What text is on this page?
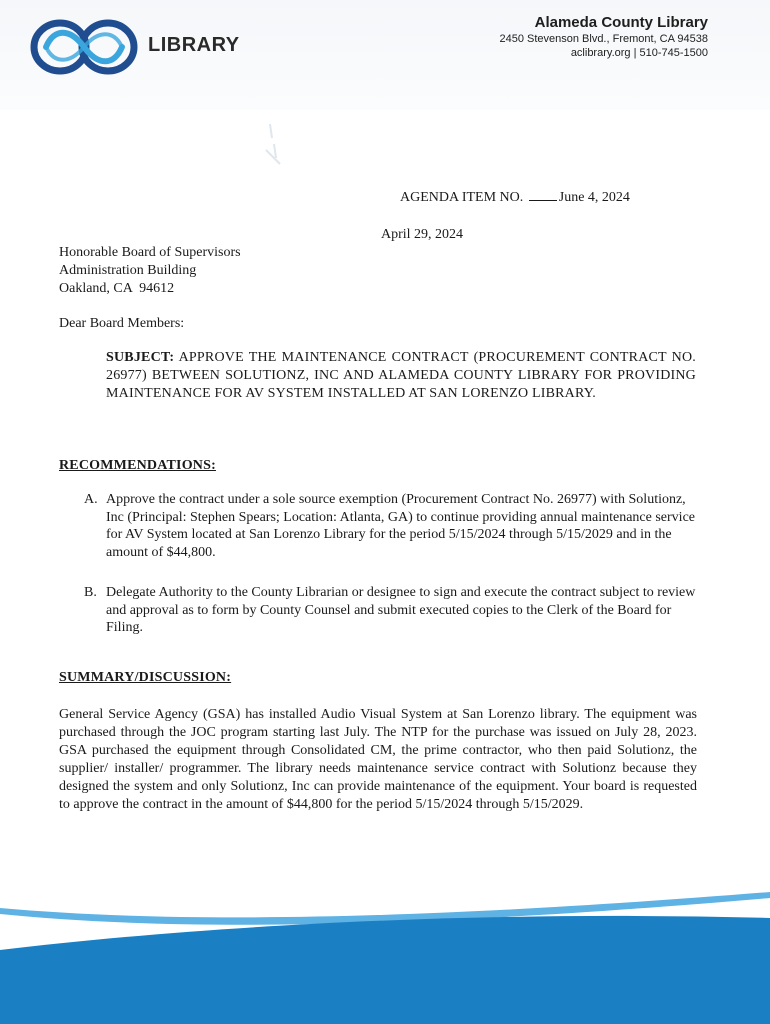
LIBRARY
Alameda County Library
2450 Stevenson Blvd., Fremont, CA 94538
aclibrary.org | 510-745-1500
AGENDA ITEM NO.	June 4, 2024
April 29, 2024
Honorable Board of Supervisors
Administration Building
Oakland, CA  94612
Dear Board Members:
SUBJECT: APPROVE THE MAINTENANCE CONTRACT (PROCUREMENT CONTRACT NO. 26977) BETWEEN SOLUTIONZ, INC AND ALAMEDA COUNTY LIBRARY FOR PROVIDING MAINTENANCE FOR AV SYSTEM INSTALLED AT SAN LORENZO LIBRARY.
RECOMMENDATIONS:
A. Approve the contract under a sole source exemption (Procurement Contract No. 26977) with Solutionz, Inc (Principal: Stephen Spears; Location: Atlanta, GA) to continue providing annual maintenance service for AV System located at San Lorenzo Library for the period 5/15/2024 through 5/15/2029 and in the amount of $44,800.
B. Delegate Authority to the County Librarian or designee to sign and execute the contract subject to review and approval as to form by County Counsel and submit executed copies to the Clerk of the Board for Filing.
SUMMARY/DISCUSSION:
General Service Agency (GSA) has installed Audio Visual System at San Lorenzo library. The equipment was purchased through the JOC program starting last July. The NTP for the purchase was issued on July 28, 2023. GSA purchased the equipment through Consolidated CM, the prime contractor, who then paid Solutionz, the supplier/ installer/ programmer. The library needs maintenance service contract with Solutionz because they designed the system and only Solutionz, Inc can provide maintenance of the equipment. Your board is requested to approve the contract in the amount of $44,800 for the period 5/15/2024 through 5/15/2029.
